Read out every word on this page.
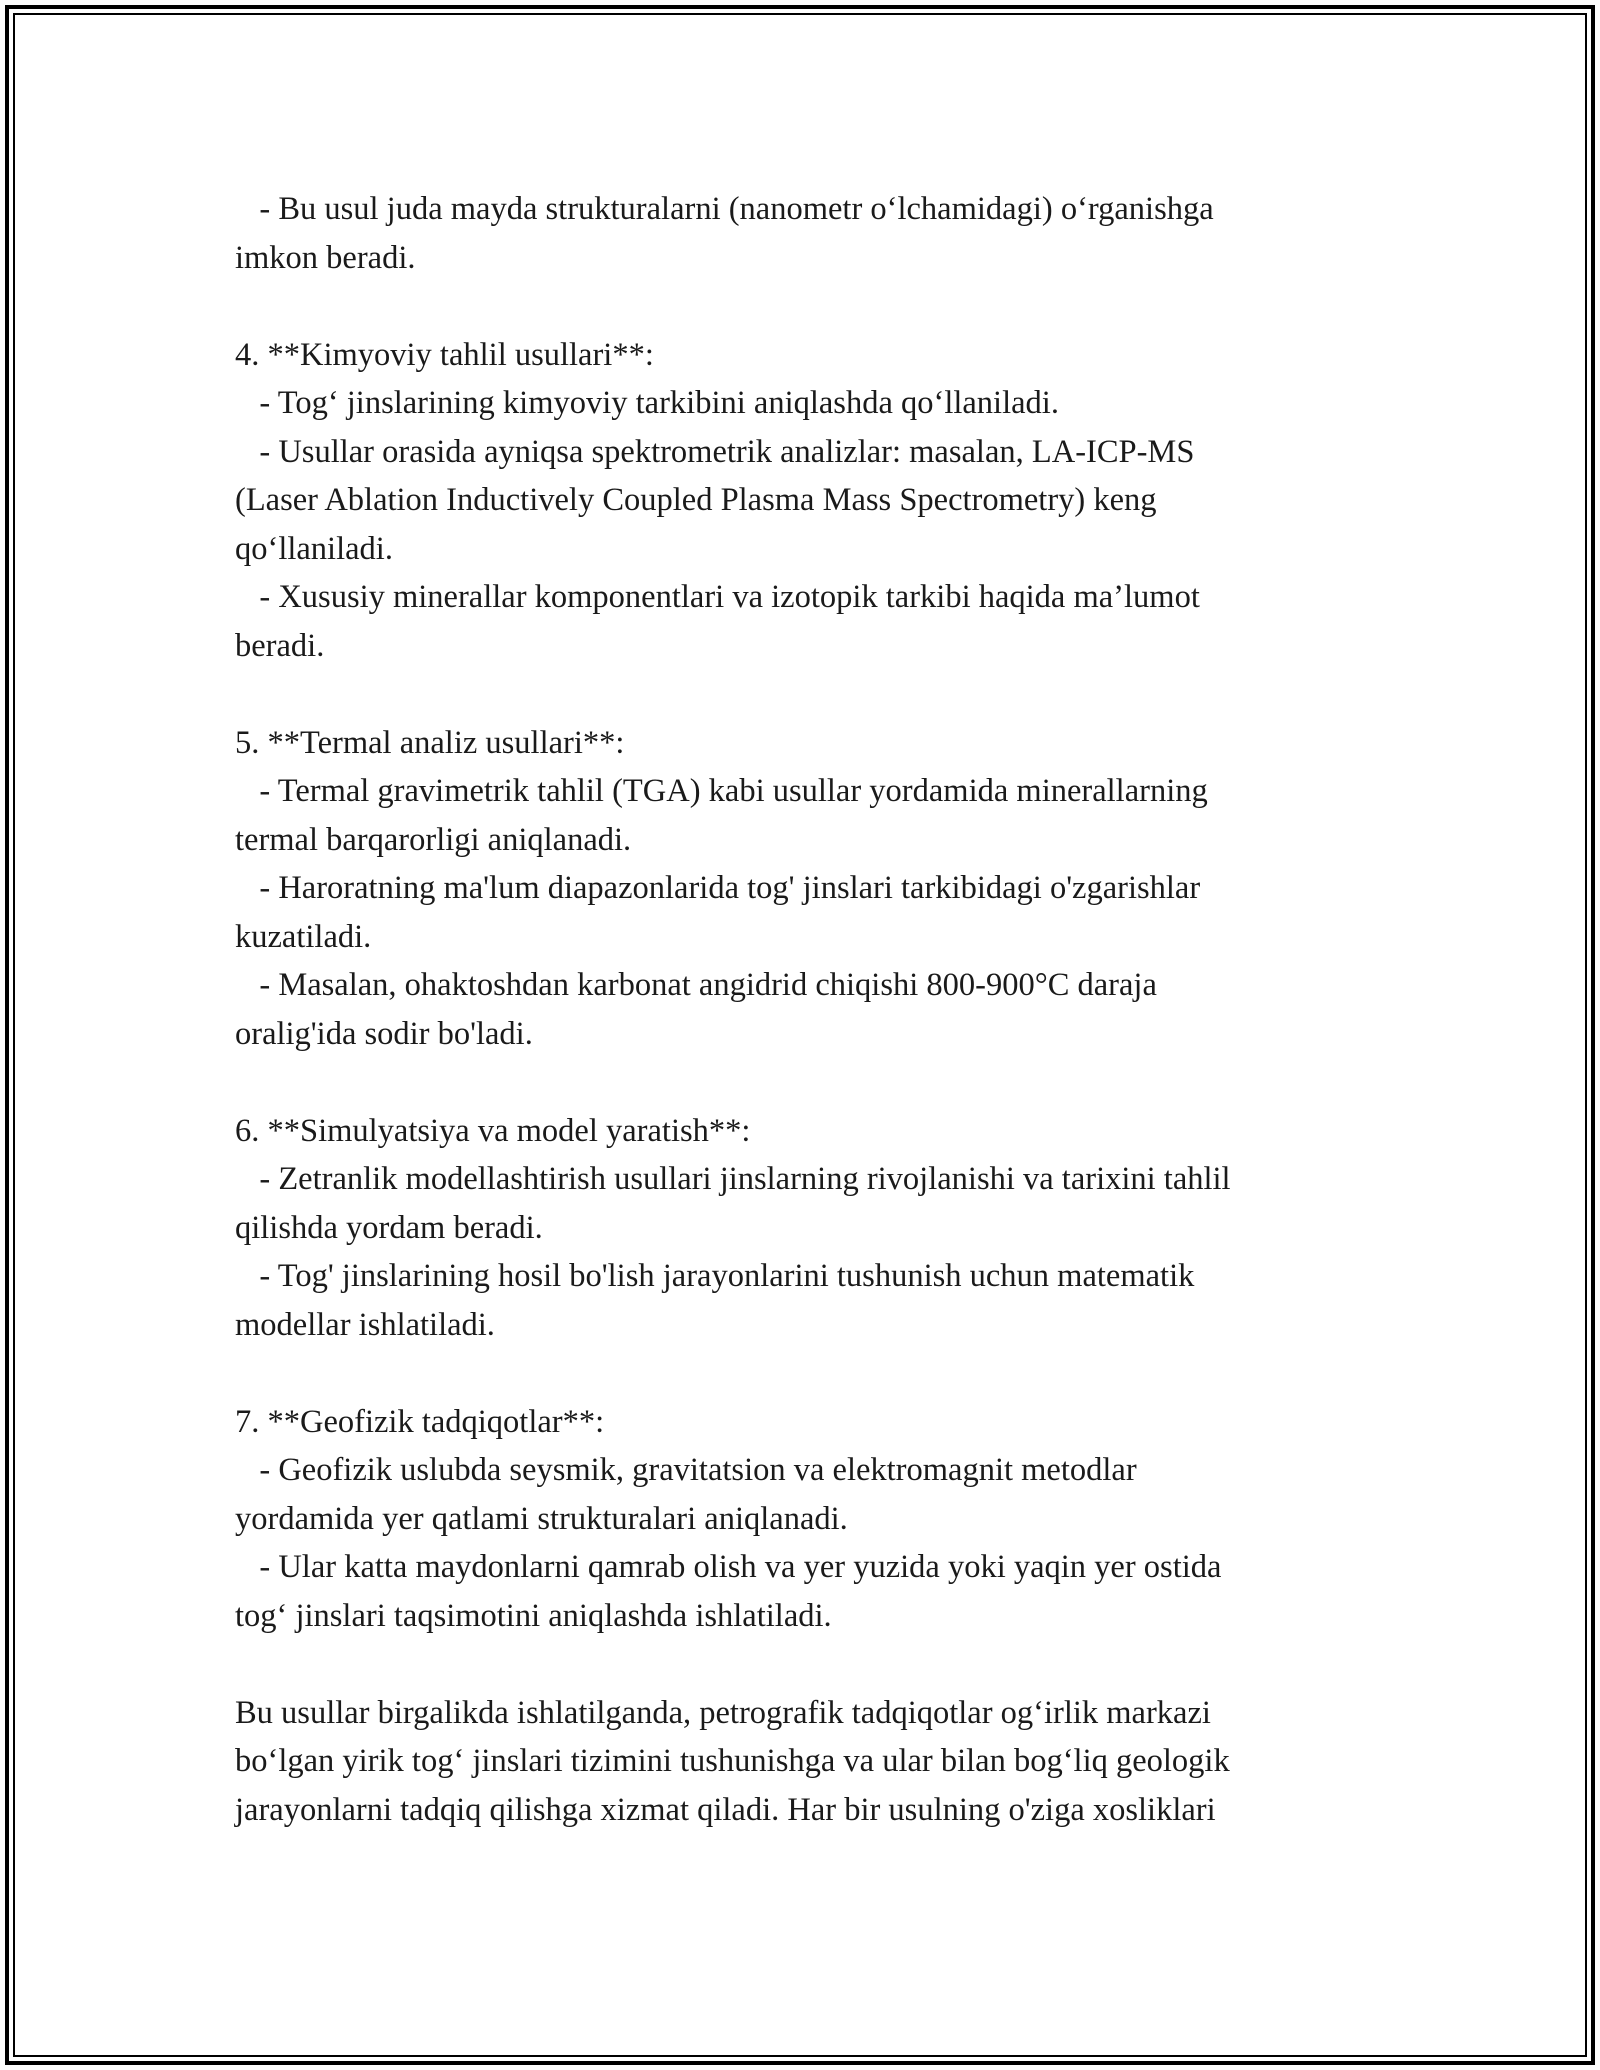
- Bu usul juda mayda strukturalarni (nanometr o‘lchamidagi) o‘rganishga
imkon beradi.
4. **Kimyoviy tahlil usullari**:
- Tog‘ jinslarining kimyoviy tarkibini aniqlashda qo‘llaniladi.
- Usullar orasida ayniqsa spektrometrik analizlar: masalan, LA-ICP-MS
(Laser Ablation Inductively Coupled Plasma Mass Spectrometry) keng
qo‘llaniladi.
- Xususiy minerallar komponentlari va izotopik tarkibi haqida ma’lumot
beradi.
5. **Termal analiz usullari**:
- Termal gravimetrik tahlil (TGA) kabi usullar yordamida minerallarning
termal barqarorligi aniqlanadi.
- Haroratning ma'lum diapazonlarida tog' jinslari tarkibidagi o'zgarishlar
kuzatiladi.
- Masalan, ohaktoshdan karbonat angidrid chiqishi 800-900°C daraja
oralig'ida sodir bo'ladi.
6. **Simulyatsiya va model yaratish**:
- Zetranlik modellashtirish usullari jinslarning rivojlanishi va tarixini tahlil
qilishda yordam beradi.
- Tog' jinslarining hosil bo'lish jarayonlarini tushunish uchun matematik
modellar ishlatiladi.
7. **Geofizik tadqiqotlar**:
- Geofizik uslubda seysmik, gravitatsion va elektromagnit metodlar
yordamida yer qatlami strukturalari aniqlanadi.
- Ular katta maydonlarni qamrab olish va yer yuzida yoki yaqin yer ostida
tog‘ jinslari taqsimotini aniqlashda ishlatiladi.
Bu usullar birgalikda ishlatilganda, petrografik tadqiqotlar og‘irlik markazi
bo‘lgan yirik tog‘ jinslari tizimini tushunishga va ular bilan bog‘liq geologik
jarayonlarni tadqiq qilishga xizmat qiladi. Har bir usulning o'ziga xosliklari
